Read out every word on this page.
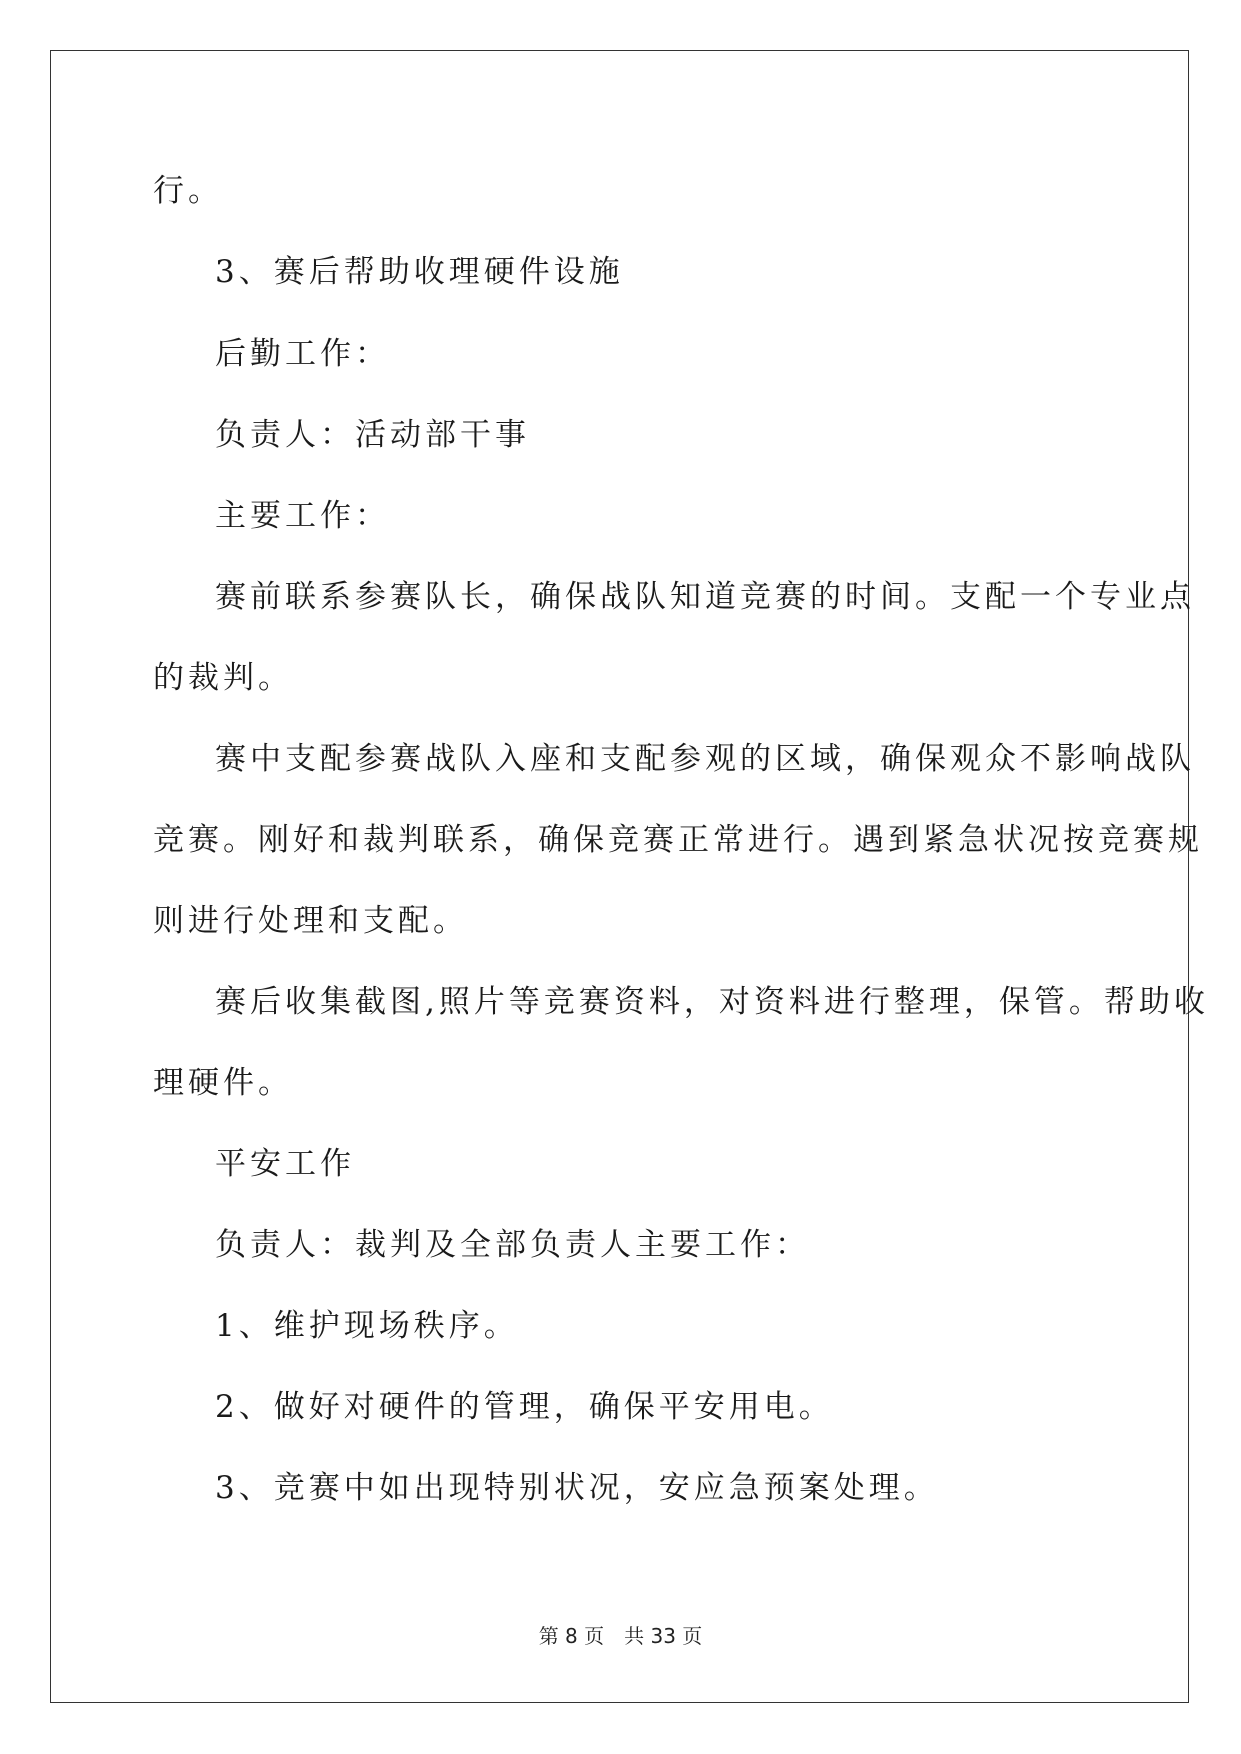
行。
3、赛后帮助收理硬件设施
后勤工作：
负责人：活动部干事
主要工作：
赛前联系参赛队长，确保战队知道竞赛的时间。支配一个专业点
的裁判。
赛中支配参赛战队入座和支配参观的区域，确保观众不影响战队
竞赛。刚好和裁判联系，确保竞赛正常进行。遇到紧急状况按竞赛规
则进行处理和支配。
赛后收集截图,照片等竞赛资料，对资料进行整理，保管。帮助收
理硬件。
平安工作
负责人：裁判及全部负责人主要工作：
1、维护现场秩序。
2、做好对硬件的管理，确保平安用电。
3、竞赛中如出现特别状况，安应急预案处理。
第 8 页 共 33 页
